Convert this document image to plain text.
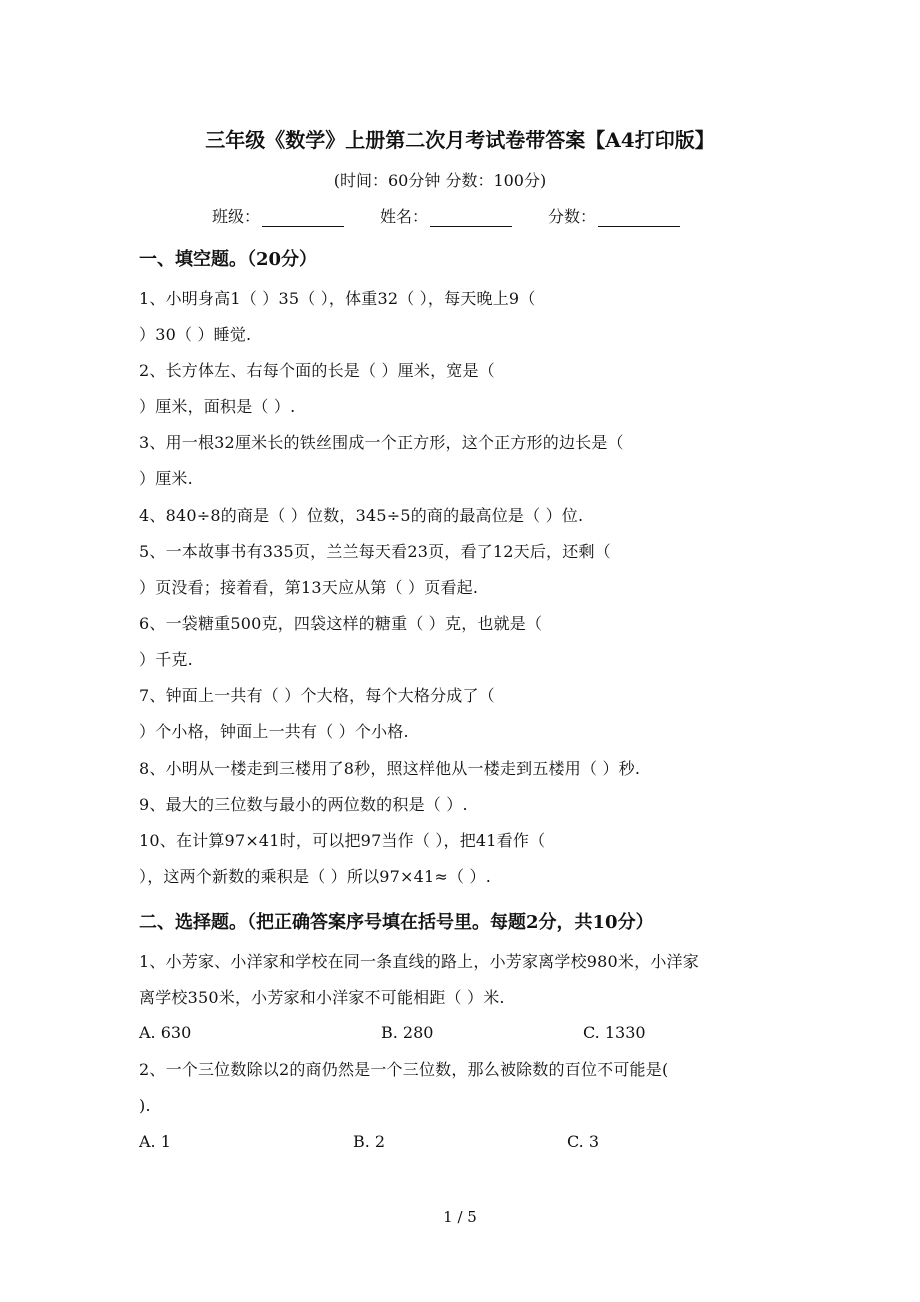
三年级《数学》上册第二次月考试卷带答案【A4打印版】
(时间：60分钟 分数：100分)
班级：	姓名：	分数：
一、填空题。（20分）
1、小明身高1（ ）35（ ），体重32（ ），每天晚上9（
）30（ ）睡觉.
2、长方体左、右每个面的长是（ ）厘米，宽是（
）厘米，面积是（ ）.
3、用一根32厘米长的铁丝围成一个正方形，这个正方形的边长是（
）厘米.
4、840÷8的商是（ ）位数，345÷5的商的最高位是（ ）位.
5、一本故事书有335页，兰兰每天看23页，看了12天后，还剩（
）页没看；接着看，第13天应从第（ ）页看起.
6、一袋糖重500克，四袋这样的糖重（ ）克，也就是（
）千克.
7、钟面上一共有（ ）个大格，每个大格分成了（
）个小格，钟面上一共有（ ）个小格.
8、小明从一楼走到三楼用了8秒，照这样他从一楼走到五楼用（ ）秒.
9、最大的三位数与最小的两位数的积是（ ）.
10、在计算97×41时，可以把97当作（ ），把41看作（
），这两个新数的乘积是（ ）所以97×41≈（ ）.
二、选择题。（把正确答案序号填在括号里。每题2分，共10分）
1、小芳家、小洋家和学校在同一条直线的路上，小芳家离学校980米，小洋家
离学校350米，小芳家和小洋家不可能相距（ ）米.
A. 630	B. 280	C. 1330
2、一个三位数除以2的商仍然是一个三位数，那么被除数的百位不可能是(
).
A. 1	B. 2	C. 3
1 / 5
